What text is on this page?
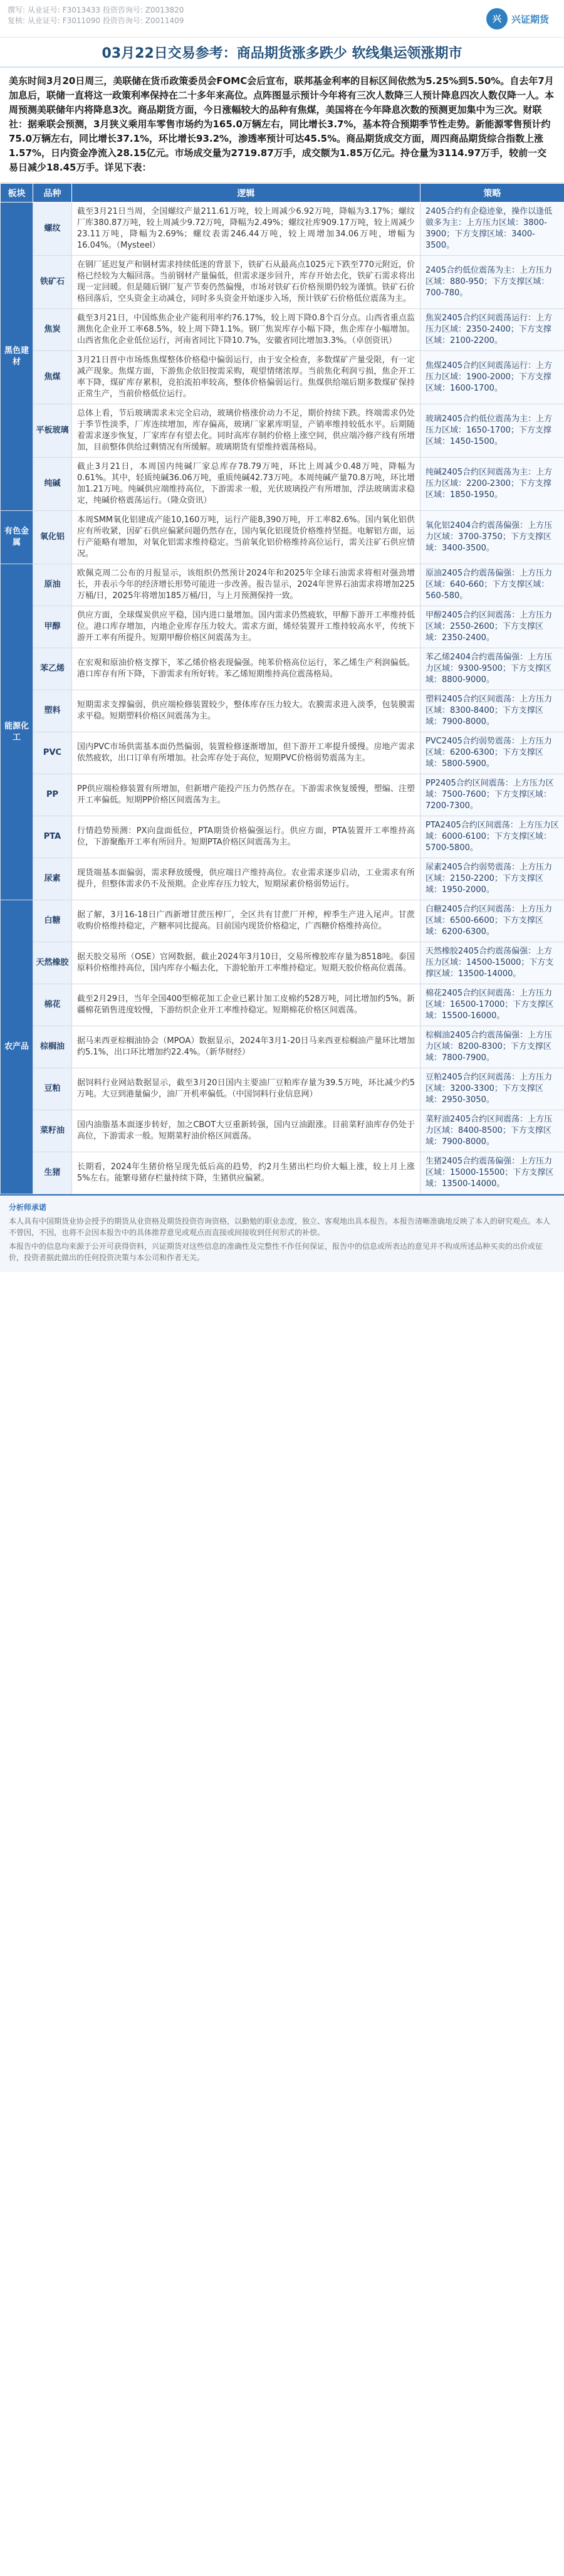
撰写: 从业证号: F3013433 投资咨询号: Z0013820
复核: 从业证号: F3011090 投资咨询号: Z0011409	兴	兴证期货
03月22日交易参考：商品期货涨多跌少 软线集运领涨期市
美东时间3月20日周三，美联储在货币政策委员会FOMC会后宣布，联邦基金利率的目标区间依然为5.25%到5.50%。自去年7月加息后，联储一直将这一政策利率保持在二十多年来高位。点阵图显示预计今年将有三次人数降三人预计降息四次人数仅降一人。本周预测美联储年内将降息3次。商品期货方面，今日涨幅较大的品种有焦煤，美国将在今年降息次数的预测更加集中为三次。财联社：据乘联会预测，3月狭义乘用车零售市场约为165.0万辆左右，同比增长3.7%，基本符合预期季节性走势。新能源零售预计约75.0万辆左右，同比增长37.1%，环比增长93.2%，渗透率预计可达45.5%。商品期货成交方面，周四商品期货综合指数上涨1.57%，日内资金净流入28.15亿元。市场成交量为2719.87万手，成交额为1.85万亿元。持仓量为3114.97万手，较前一交易日减少18.45万手。详见下表：
板块	品种	逻辑	策略
黑色建材	螺纹	截至3月21日当周，全国螺纹产量211.61万吨，较上周减少6.92万吨，降幅为3.17%；螺纹厂库380.87万吨，较上周减少9.72万吨，降幅为2.49%；螺纹社库909.17万吨，较上周减少23.11万吨，降幅为2.69%；螺纹表需246.44万吨，较上周增加34.06万吨，增幅为16.04%。（Mysteel）	2405合约有企稳迹象，操作以逢低做多为主：上方压力区域：3800-3900；下方支撑区域：3400-3500。
	铁矿石	在钢厂延迟复产和钢材需求持续低迷的背景下，铁矿石从最高点1025元下跌至770元附近，价格已经较为大幅回落。当前钢材产量偏低，但需求逐步回升，库存开始去化，铁矿石需求将出现一定回暖。但是随后钢厂复产节奏仍然偏慢，市场对铁矿石价格预期仍较为谨慎。铁矿石价格回落后，空头资金主动减仓，同时多头资金开始逐步入场，预计铁矿石价格低位震荡为主。	2405合约低位震荡为主：上方压力区域：880-950；下方支撑区域：700-780。
	焦炭	截至3月21日，中国炼焦企业产能利用率约76.17%，较上周下降0.8个百分点。山西省重点监测焦化企业开工率68.5%，较上周下降1.1%。钢厂焦炭库存小幅下降，焦企库存小幅增加。山西省焦化企业低位运行，河南省同比下降10.7%，安徽省同比增加3.3%。（卓创资讯）	焦炭2405合约区间震荡运行：上方压力区域：2350-2400；下方支撑区域：2100-2200。
	焦煤	3月21日晋中市场炼焦煤整体价格稳中偏弱运行，由于安全检查，多数煤矿产量受限，有一定减产现象。焦煤方面，下游焦企依旧按需采购，观望情绪浓厚。当前焦化利润亏损，焦企开工率下降，煤矿库存累积，竞拍流拍率较高，整体价格偏弱运行。焦煤供给端后期多数煤矿保持正常生产，当前价格低位运行。	焦煤2405合约区间震荡运行：上方压力区域：1900-2000；下方支撑区域：1600-1700。
	平板玻璃	总体上看，节后玻璃需求未完全启动，玻璃价格涨价动力不足，期价持续下跌。终端需求仍处于季节性淡季，厂库连续增加，库存偏高，玻璃厂家累库明显，产销率维持较低水平。后期随着需求逐步恢复，厂家库存有望去化。同时高库存制约价格上涨空间，供应端冷修产线有所增加，目前整体供给过剩情况有所缓解。玻璃期货有望维持震荡格局。	玻璃2405合约低位震荡为主：上方压力区域：1650-1700；下方支撑区域：1450-1500。
	纯碱	截止3月21日，本周国内纯碱厂家总库存78.79万吨，环比上周减少0.48万吨，降幅为0.61%。其中，轻质纯碱36.06万吨，重质纯碱42.73万吨。本周纯碱产量70.8万吨，环比增加1.21万吨。纯碱供应端维持高位，下游需求一般，光伏玻璃投产有所增加，浮法玻璃需求稳定，纯碱价格震荡运行。（隆众资讯）	纯碱2405合约区间震荡为主：上方压力区域：2200-2300；下方支撑区域：1850-1950。
有色金属	氧化铝	本周SMM氧化铝建成产能10,160万吨，运行产能8,390万吨，开工率82.6%。国内氧化铝供应有所收紧，因矿石供应偏紧问题仍然存在，国内氧化铝现货价格维持坚挺。电解铝方面，运行产能略有增加，对氧化铝需求维持稳定。当前氧化铝价格维持高位运行，需关注矿石供应情况。	氧化铝2404合约震荡偏强：上方压力区域：3700-3750；下方支撑区域：3400-3500。
能源化工	原油	欧佩克周二公布的月报显示，该组织仍然预计2024年和2025年全球石油需求将相对强劲增长，并表示今年的经济增长形势可能进一步改善。报告显示，2024年世界石油需求将增加225万桶/日，2025年将增加185万桶/日，与上月预测保持一致。	原油2405合约震荡偏强：上方压力区域：640-660；下方支撑区域：560-580。
	甲醇	供应方面，全球煤炭供应平稳，国内进口量增加。国内需求仍然疲软，甲醇下游开工率维持低位。港口库存增加，内地企业库存压力较大。需求方面，烯烃装置开工维持较高水平，传统下游开工率有所提升。短期甲醇价格区间震荡为主。	甲醇2405合约区间震荡：上方压力区域：2550-2600；下方支撑区域：2350-2400。
	苯乙烯	在宏观和原油价格支撑下，苯乙烯价格表现偏强。纯苯价格高位运行，苯乙烯生产利润偏低。港口库存有所下降，下游需求有所好转。苯乙烯短期维持高位震荡格局。	苯乙烯2404合约震荡偏强：上方压力区域：9300-9500；下方支撑区域：8800-9000。
	塑料	短期需求支撑偏弱，供应端检修装置较少，整体库存压力较大。农膜需求进入淡季，包装膜需求平稳。短期塑料价格区间震荡为主。	塑料2405合约区间震荡：上方压力区域：8300-8400；下方支撑区域：7900-8000。
	PVC	国内PVC市场供需基本面仍然偏弱，装置检修逐渐增加，但下游开工率提升缓慢。房地产需求依然疲软，出口订单有所增加。社会库存处于高位，短期PVC价格弱势震荡为主。	PVC2405合约弱势震荡：上方压力区域：6200-6300；下方支撑区域：5800-5900。
	PP	PP供应端检修装置有所增加，但新增产能投产压力仍然存在。下游需求恢复缓慢，塑编、注塑开工率偏低。短期PP价格区间震荡为主。	PP2405合约区间震荡：上方压力区域：7500-7600；下方支撑区域：7200-7300。
	PTA	行情趋势预测：PX向盘面低位，PTA期货价格偏强运行。供应方面，PTA装置开工率维持高位，下游聚酯开工率有所回升。短期PTA价格区间震荡为主。	PTA2405合约区间震荡：上方压力区域：6000-6100；下方支撑区域：5700-5800。
	尿素	现货端基本面偏弱，需求释放缓慢，供应端日产维持高位。农业需求逐步启动，工业需求有所提升，但整体需求仍不及预期。企业库存压力较大，短期尿素价格弱势运行。	尿素2405合约弱势震荡：上方压力区域：2150-2200；下方支撑区域：1950-2000。
农产品	白糖	据了解，3月16-18日广西新增甘蔗压榨厂，全区共有甘蔗厂开榨，榨季生产进入尾声。甘蔗收购价格维持稳定，产糖率同比提高。目前国内现货价格稳定，广西糖价格维持高位。	白糖2405合约区间震荡：上方压力区域：6500-6600；下方支撑区域：6200-6300。
	天然橡胶	据天胶交易所（OSE）官网数据，截止2024年3月10日，交易所橡胶库存量为8518吨。泰国原料价格维持高位，国内库存小幅去化，下游轮胎开工率维持稳定。短期天胶价格高位震荡。	天然橡胶2405合约震荡偏强：上方压力区域：14500-15000；下方支撑区域：13500-14000。
	棉花	截至2月29日，当年全国400型棉花加工企业已累计加工皮棉约528万吨，同比增加约5%。新疆棉花销售进度较慢，下游纺织企业开工率维持稳定。短期棉花价格区间震荡。	棉花2405合约区间震荡：上方压力区域：16500-17000；下方支撑区域：15500-16000。
	棕榈油	据马来西亚棕榈油协会（MPOA）数据显示，2024年3月1-20日马来西亚棕榈油产量环比增加约5.1%，出口环比增加约22.4%。（新华财经）	棕榈油2405合约震荡偏强：上方压力区域：8200-8300；下方支撑区域：7800-7900。
	豆粕	据饲料行业网站数据显示，截至3月20日国内主要油厂豆粕库存量为39.5万吨，环比减少约5万吨。大豆到港量偏少，油厂开机率偏低。（中国饲料行业信息网）	豆粕2405合约区间震荡：上方压力区域：3200-3300；下方支撑区域：2950-3050。
	菜籽油	国内油脂基本面逐步转好，加之CBOT大豆重新转强，国内豆油跟涨。目前菜籽油库存仍处于高位，下游需求一般。短期菜籽油价格区间震荡。	菜籽油2405合约区间震荡：上方压力区域：8400-8500；下方支撑区域：7900-8000。
	生猪	长期看，2024年生猪价格呈现先低后高的趋势，约2月生猪出栏均价大幅上涨，较上月上涨5%左右。能繁母猪存栏量持续下降，生猪供应偏紧。	生猪2405合约震荡偏强：上方压力区域：15000-15500；下方支撑区域：13500-14000。
分析师承诺

本人具有中国期货业协会授予的期货从业资格及期货投资咨询资格，以勤勉的职业态度，独立、客观地出具本报告。本报告清晰准确地反映了本人的研究观点。本人不曾因，不因，也将不会因本报告中的具体推荐意见或观点而直接或间接收到任何形式的补偿。

本报告中的信息均来源于公开可获得资料，兴证期货对这些信息的准确性及完整性不作任何保证，报告中的信息或所表达的意见并不构成所述品种买卖的出价或征价，投资者据此做出的任何投资决策与本公司和作者无关。
